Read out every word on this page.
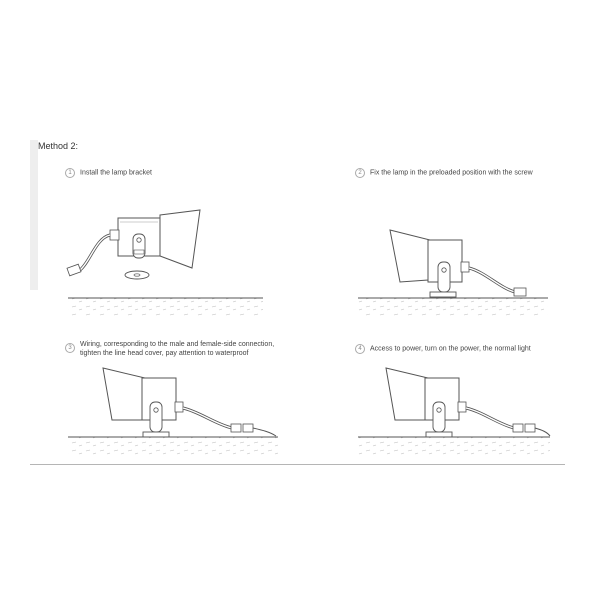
Method 2:
1 Install the lamp bracket	2 Fix the lamp in the preloaded position with the screw
3 Wiring, corresponding to the male and female-side connection,
tighten the line head cover, pay attention to waterproof
4 Access to power, turn on the power, the normal light
